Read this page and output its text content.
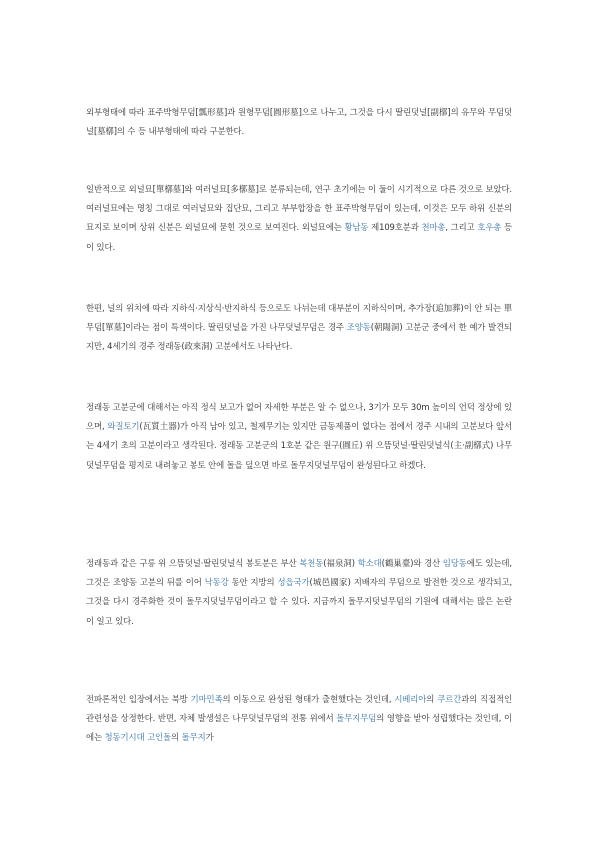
외부형태에 따라 표주박형무덤[瓢形墓]과 원형무덤[圓形墓]으로 나누고, 그것을 다시 딸린덧널[副槨]의 유무와 무덤덧널[墓槨]의 수 등 내부형태에 따라 구분한다.

일반적으로 외널묘[單槨墓]와 여러널묘[多槨墓]로 분류되는데, 연구 초기에는 이 둘이 시기적으로 다른 것으로 보았다. 여러널묘에는 명칭 그대로 여러널묘와 집단묘, 그리고 부부합장을 한 표주박형무덤이 있는데, 이것은 모두 하위 신분의 묘지로 보이며 상위 신분은 외널묘에 묻힌 것으로 보여진다. 외널묘에는 황남동 제109호분과 천마총, 그리고 호우총 등이 있다.

한편, 널의 위치에 따라 지하식·지상식·반지하식 등으로도 나뉘는데 대부분이 지하식이며, 추가장(追加葬)이 안 되는 單무덤[單墓]이라는 점이 특색이다. 딸린덧널을 가진 나무덧널무덤은 경주 조양동(朝陽洞) 고분군 중에서 한 예가 발견되지만, 4세기의 경주 정래동(政來洞) 고분에서도 나타난다.

정래동 고분군에 대해서는 아직 정식 보고가 없어 자세한 부분은 알 수 없으나, 3기가 모두 30m 높이의 언덕 정상에 있으며, 와질토기(瓦質土器)가 아직 남아 있고, 철제무기는 있지만 금동제품이 없다는 점에서 경주 시내의 고분보다 앞서는 4세기 초의 고분이라고 생각된다. 정래동 고분군의 1호분 같은 원구(圓丘) 위 으뜸덧널·딸린덧널식(主·副槨式) 나무덧널무덤을 평지로 내려놓고 봉토 안에 돌을 덮으면 바로 돌무지덧널무덤이 완성된다고 하겠다.

정래동과 같은 구릉 위 으뜸덧널·딸린덧널식 봉토분은 부산 복천동(福泉洞) 학소대(鶴巢臺)와 경산 임당동에도 있는데, 그것은 조양동 고분의 뒤를 이어 낙동강 동안 지방의 성읍국가(城邑國家) 지배자의 무덤으로 발전한 것으로 생각되고, 그것을 다시 경주화한 것이 돌무지덧널무덤이라고 할 수 있다. 지금까지 돌무지덧널무덤의 기원에 대해서는 많은 논란이 일고 있다.

전파론적인 입장에서는 북방 기마민족의 이동으로 완성된 형태가 출현했다는 것인데, 시베리아의 쿠르간과의 직접적인 관련성을 상정한다. 반면, 자체 발생설은 나무덧널무덤의 전통 위에서 돌무지무덤의 영향을 받아 성립했다는 것인데, 이에는 청동기시대 고인돌의 돌무지가
